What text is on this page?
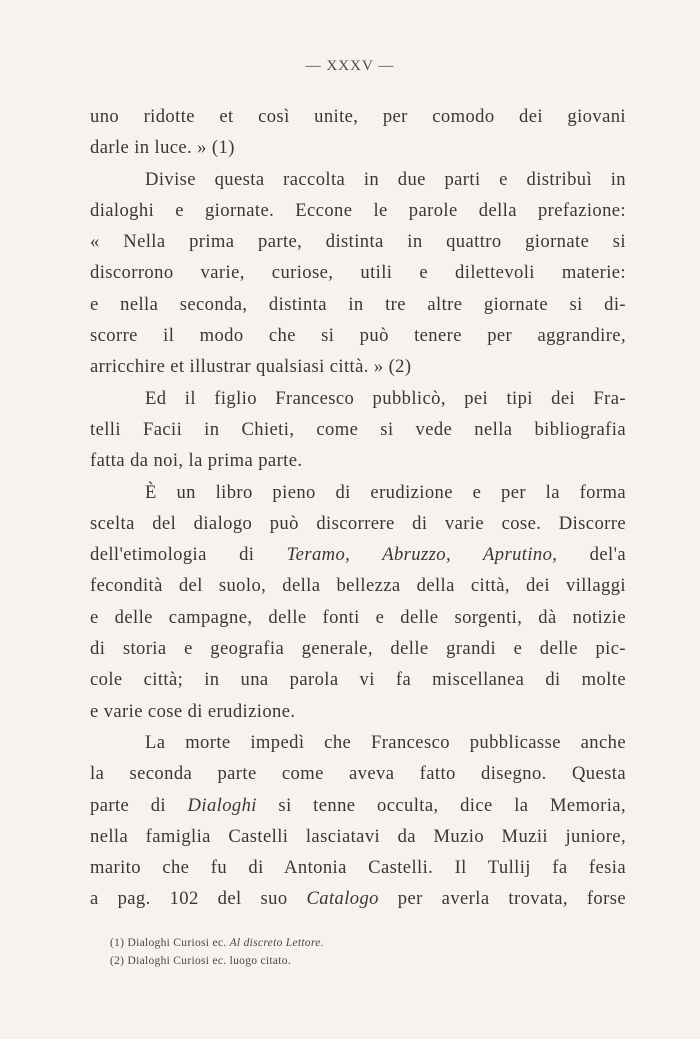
— XXXV —
uno ridotte et così unite, per comodo dei giovani
darle in luce. » (1)
Divise questa raccolta in due parti e distribuì in
dialoghi e giornate. Eccone le parole della prefazione:
« Nella prima parte, distinta in quattro giornate si
discorrono varie, curiose, utili e dilettevoli materie:
e nella seconda, distinta in tre altre giornate si di-
scorre il modo che si può tenere per aggrandire,
arricchire et illustrar qualsiasi città. » (2)
Ed il figlio Francesco pubblicò, pei tipi dei Fra-
telli Facii in Chieti, come si vede nella bibliografia
fatta da noi, la prima parte.
È un libro pieno di erudizione e per la forma
scelta del dialogo può discorrere di varie cose. Discorre
dell'etimologia di Teramo, Abruzzo, Aprutino, del'a
fecondità del suolo, della bellezza della città, dei villaggi
e delle campagne, delle fonti e delle sorgenti, dà notizie
di storia e geografia generale, delle grandi e delle pic-
cole città; in una parola vi fa miscellanea di molte
e varie cose di erudizione.
La morte impedì che Francesco pubblicasse anche
la seconda parte come aveva fatto disegno. Questa
parte di Dialoghi si tenne occulta, dice la Memoria,
nella famiglia Castelli lasciatavi da Muzio Muzii juniore,
marito che fu di Antonia Castelli. Il Tullij fa fesia
a pag. 102 del suo Catalogo per averla trovata, forse
(1) Dialoghi Curiosi ec. Al discreto Lettore.
(2) Dialoghi Curiosi ec. luogo citato.
